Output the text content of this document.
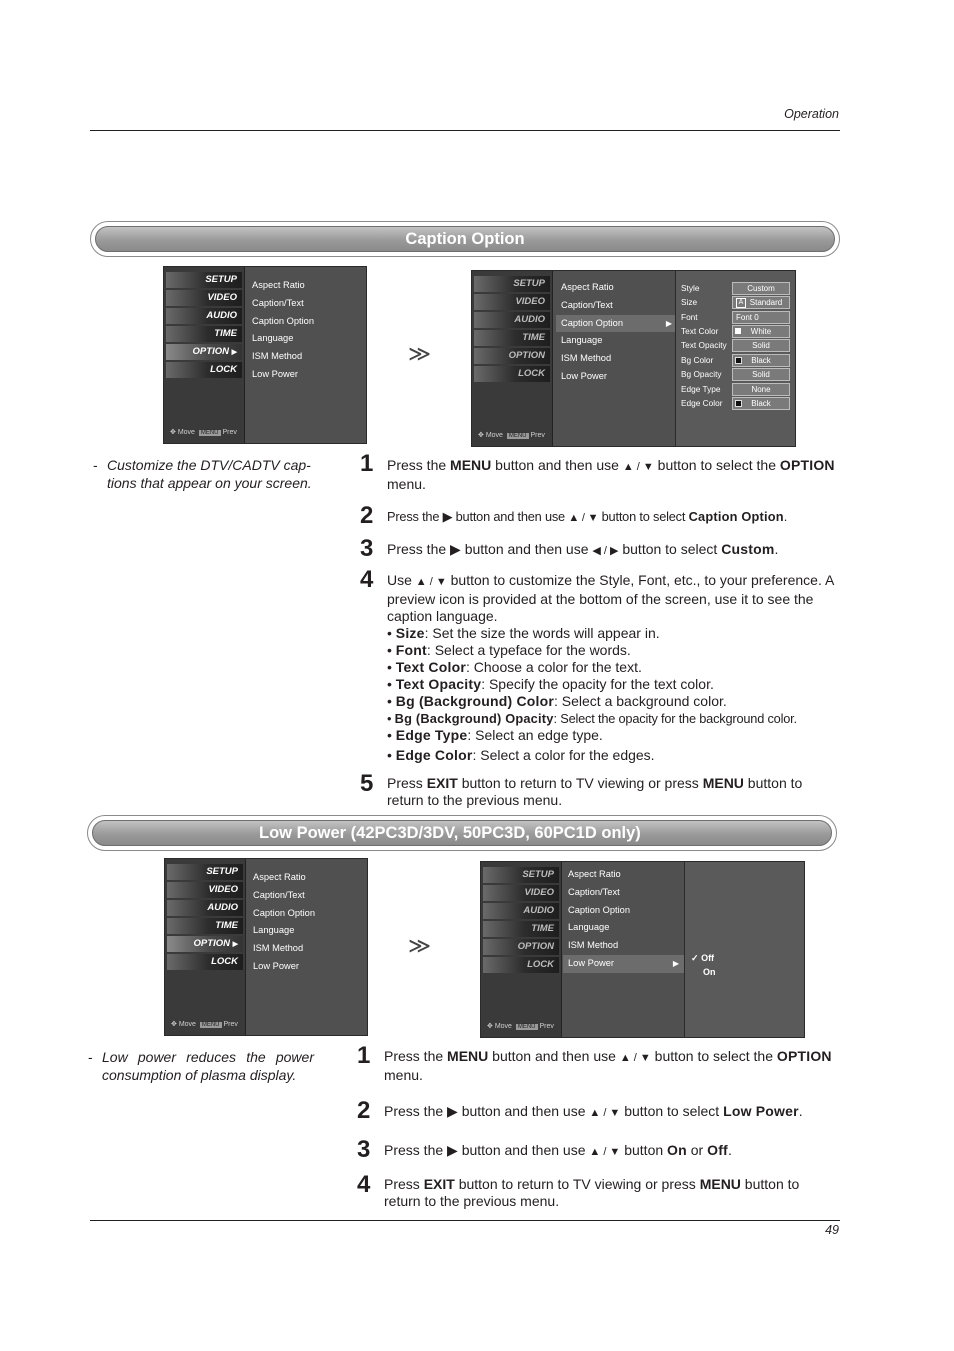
Operation
Caption Option
SETUP
VIDEO
AUDIO
TIME
OPTION ▶
LOCK
✥ Move MENU Prev
Aspect Ratio
Caption/Text
Caption Option
Language
ISM Method
Low Power
≫
SETUP
VIDEO
AUDIO
TIME
OPTION
LOCK
✥ Move MENU Prev
Aspect Ratio
Caption/Text
Caption Option	▶
Language
ISM Method
Low Power
Style	Custom
Size	A Standard
Font	Font 0
Text Color	White
Text Opacity	Solid
Bg Color	Black
Bg Opacity	Solid
Edge Type	None
Edge Color	Black
- Customize the DTV/CADTV cap-tions that appear on your screen.
1 Press the MENU button and then use ▲ / ▼ button to select the OPTION menu.
2 Press the ▶ button and then use ▲ / ▼ button to select Caption Option.
3 Press the ▶ button and then use ◀ / ▶ button to select Custom.
4 Use ▲ / ▼ button to customize the Style, Font, etc., to your preference. A preview icon is provided at the bottom of the screen, use it to see the caption language.
• Size: Set the size the words will appear in.
• Font: Select a typeface for the words.
• Text Color: Choose a color for the text.
• Text Opacity: Specify the opacity for the text color.
• Bg (Background) Color: Select a background color.
• Bg (Background) Opacity: Select the opacity for the background color.
• Edge Type: Select an edge type.
• Edge Color: Select a color for the edges.
5 Press EXIT button to return to TV viewing or press MENU button to return to the previous menu.
Low Power (42PC3D/3DV, 50PC3D, 60PC1D only)
SETUP
VIDEO
AUDIO
TIME
OPTION ▶
LOCK
✥ Move MENU Prev
Aspect Ratio
Caption/Text
Caption Option
Language
ISM Method
Low Power
≫
SETUP
VIDEO
AUDIO
OPTION
TIME
LOCK
✥ Move MENU Prev
Aspect Ratio
Caption/Text
Caption Option
Language
ISM Method
Low Power	▶
✓ Off
On
- Low power reduces the power consumption of plasma display.
1 Press the MENU button and then use ▲ / ▼ button to select the OPTION menu.
2 Press the ▶ button and then use ▲ / ▼ button to select Low Power.
3 Press the ▶ button and then use ▲ / ▼ button On or Off.
4 Press EXIT button to return to TV viewing or press MENU button to return to the previous menu.
49
